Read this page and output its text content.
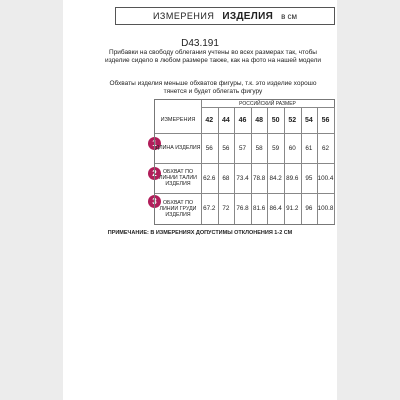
ИЗМЕРЕНИЯ ИЗДЕЛИЯ в см
D43.191
Прибавки на свободу облегания учтены во всех размерах так, чтобы изделие сидело в любом размере также, как на фото на нашей модели
Обхваты изделия меньше обхватов фигуры, т.к. это изделие хорошо тянется и будет облегать фигуру
1
2
3
РОССИЙСКИЙ РАЗМЕР
ИЗМЕРЕНИЯ
ДЛИНА ИЗДЕЛИЯ
ОБХВАТ ПО ЛИНИИ ТАЛИИ ИЗДЕЛИЯ
ОБХВАТ ПО ЛИНИИ ГРУДИ ИЗДЕЛИЯ
42	44	46	48	50	52	54	56
56	56	57	58	59	60	61	62
62.6	68	73.4 78.8 84.2 89.6	95 100.4
67.2	72	76.8 81.6 86.4 91.2	96 100.8
ПРИМЕЧАНИЕ: В ИЗМЕРЕНИЯХ ДОПУСТИМЫ ОТКЛОНЕНИЯ 1-2 СМ
